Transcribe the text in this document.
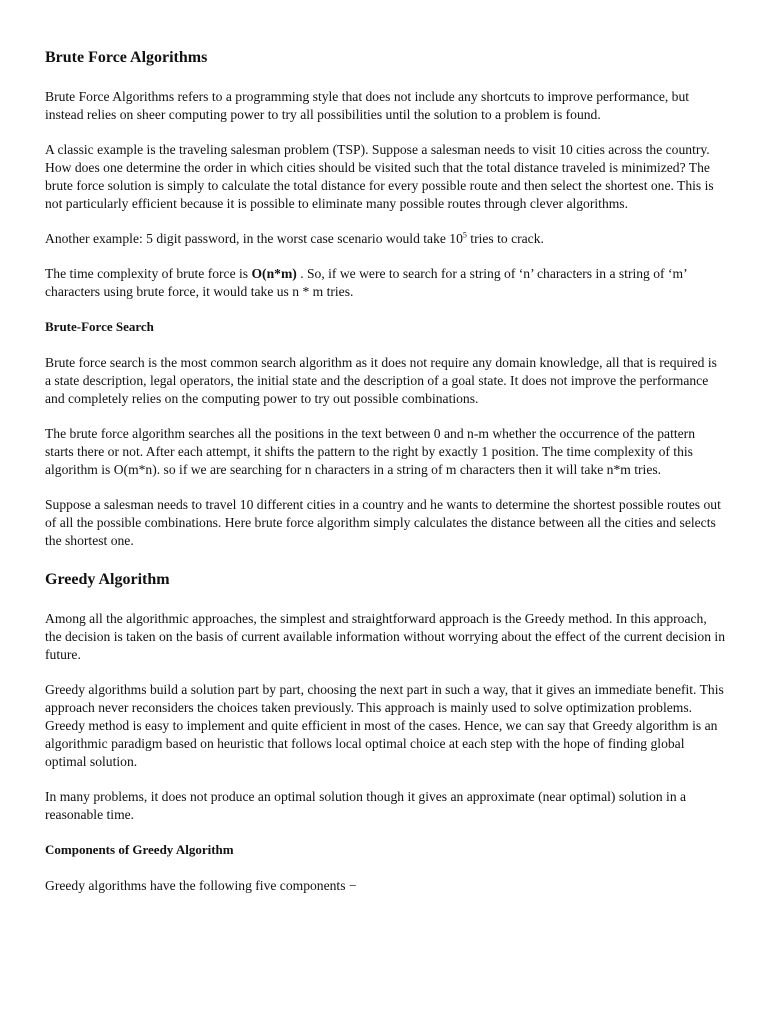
Brute Force Algorithms

Brute Force Algorithms refers to a programming style that does not include any shortcuts to improve performance, but instead relies on sheer computing power to try all possibilities until the solution to a problem is found.

A classic example is the traveling salesman problem (TSP). Suppose a salesman needs to visit 10 cities across the country. How does one determine the order in which cities should be visited such that the total distance traveled is minimized? The brute force solution is simply to calculate the total distance for every possible route and then select the shortest one. This is not particularly efficient because it is possible to eliminate many possible routes through clever algorithms.

Another example: 5 digit password, in the worst case scenario would take $10^5$ tries to crack.

The time complexity of brute force is O(n*m) . So, if we were to search for a string of ‘n’ characters in a string of ‘m’ characters using brute force, it would take us n * m tries.

Brute-Force Search

Brute force search is the most common search algorithm as it does not require any domain knowledge, all that is required is a state description, legal operators, the initial state and the description of a goal state. It does not improve the performance and completely relies on the computing power to try out possible combinations.

The brute force algorithm searches all the positions in the text between 0 and n-m whether the occurrence of the pattern starts there or not. After each attempt, it shifts the pattern to the right by exactly 1 position. The time complexity of this algorithm is O(m*n). so if we are searching for n characters in a string of m characters then it will take n*m tries.

Suppose a salesman needs to travel 10 different cities in a country and he wants to determine the shortest possible routes out of all the possible combinations. Here brute force algorithm simply calculates the distance between all the cities and selects the shortest one.

Greedy Algorithm

Among all the algorithmic approaches, the simplest and straightforward approach is the Greedy method. In this approach, the decision is taken on the basis of current available information without worrying about the effect of the current decision in future.

Greedy algorithms build a solution part by part, choosing the next part in such a way, that it gives an immediate benefit. This approach never reconsiders the choices taken previously. This approach is mainly used to solve optimization problems. Greedy method is easy to implement and quite efficient in most of the cases. Hence, we can say that Greedy algorithm is an algorithmic paradigm based on heuristic that follows local optimal choice at each step with the hope of finding global optimal solution.

In many problems, it does not produce an optimal solution though it gives an approximate (near optimal) solution in a reasonable time.

Components of Greedy Algorithm

Greedy algorithms have the following five components −
